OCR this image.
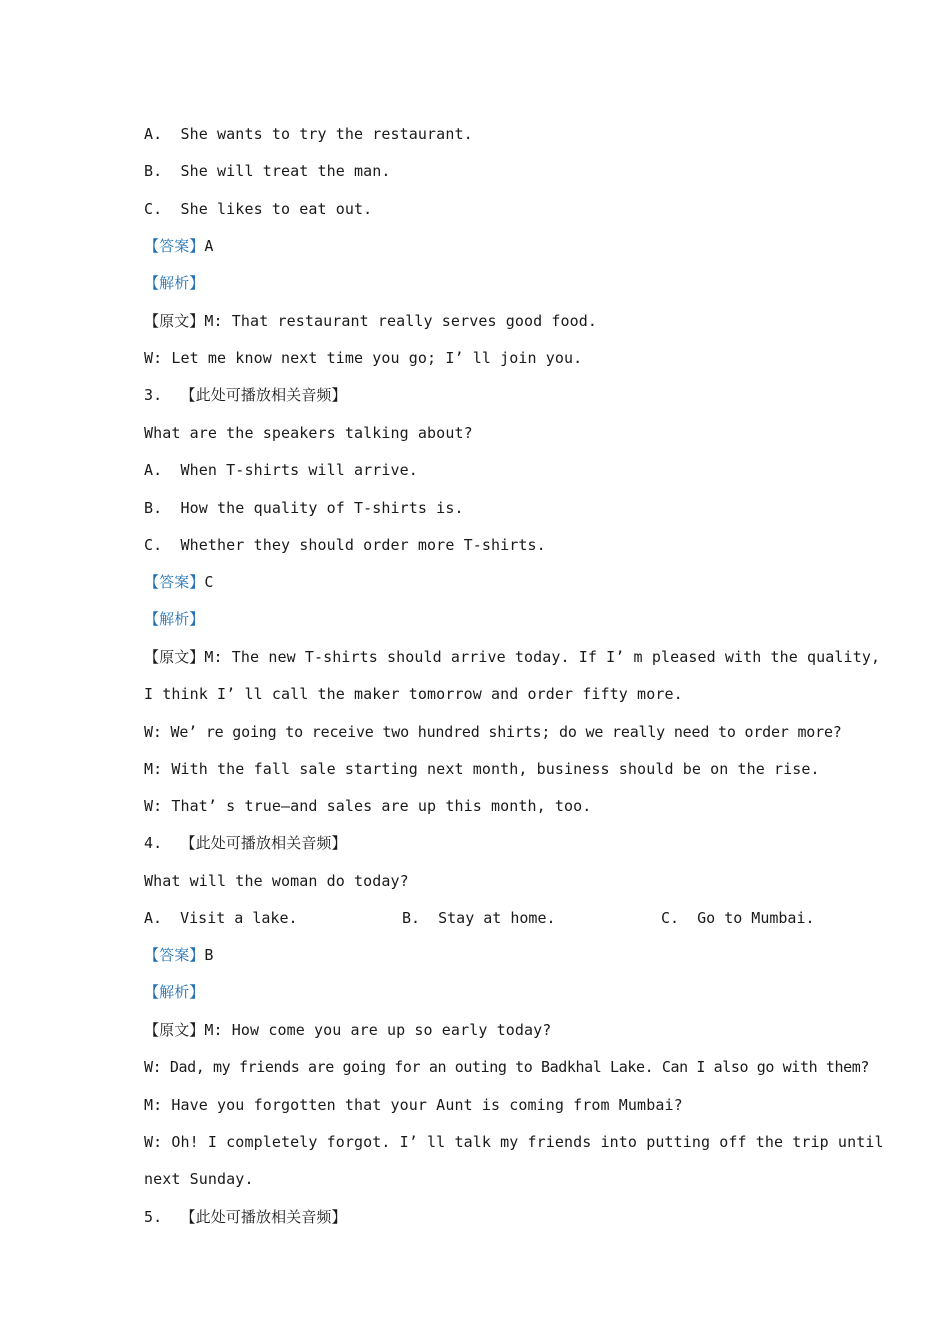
A.  She wants to try the restaurant.
B.  She will treat the man.
C.  She likes to eat out.
【答案】A
【解析】
【原文】M: That restaurant really serves good food.
W: Let me know next time you go; I’ ll join you.
3.  【此处可播放相关音频】
What are the speakers talking about?
A.  When T-shirts will arrive.
B.  How the quality of T-shirts is.
C.  Whether they should order more T-shirts.
【答案】C
【解析】
【原文】M: The new T-shirts should arrive today. If I’ m pleased with the quality,
I think I’ ll call the maker tomorrow and order fifty more.
W: We’ re going to receive two hundred shirts; do we really need to order more?
M: With the fall sale starting next month, business should be on the rise.
W: That’ s true—and sales are up this month, too.
4.  【此处可播放相关音频】
What will the woman do today?

A.  Visit a lake.

	B.  Stay at home.

	C.  Go to Mumbai.

【答案】B
【解析】
【原文】M: How come you are up so early today?
W: Dad, my friends are going for an outing to Badkhal Lake. Can I also go with them?
M: Have you forgotten that your Aunt is coming from Mumbai?
W: Oh! I completely forgot. I’ ll talk my friends into putting off the trip until
next Sunday.
5.  【此处可播放相关音频】
